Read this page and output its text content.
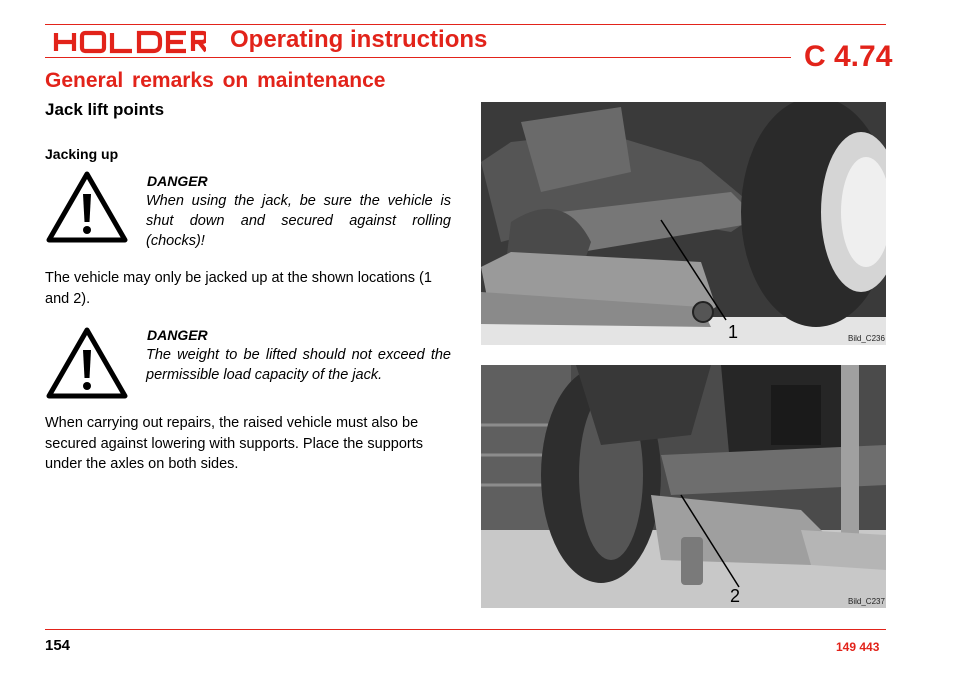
Operating instructions
C 4.74
General remarks on maintenance
Jack lift points
Jacking up
DANGER
When using the jack, be sure the vehicle is shut down and secured against rolling (chocks)!
The vehicle may only be jacked up at the shown locations (1 and 2).
DANGER
The weight to be lifted should not exceed the permissible load capacity of the jack.
When carrying out repairs, the raised vehicle must also be secured against lowering with supports. Place the supports under the axles on both sides.
1	Bild_C236
2	Bild_C237
154	149 443
